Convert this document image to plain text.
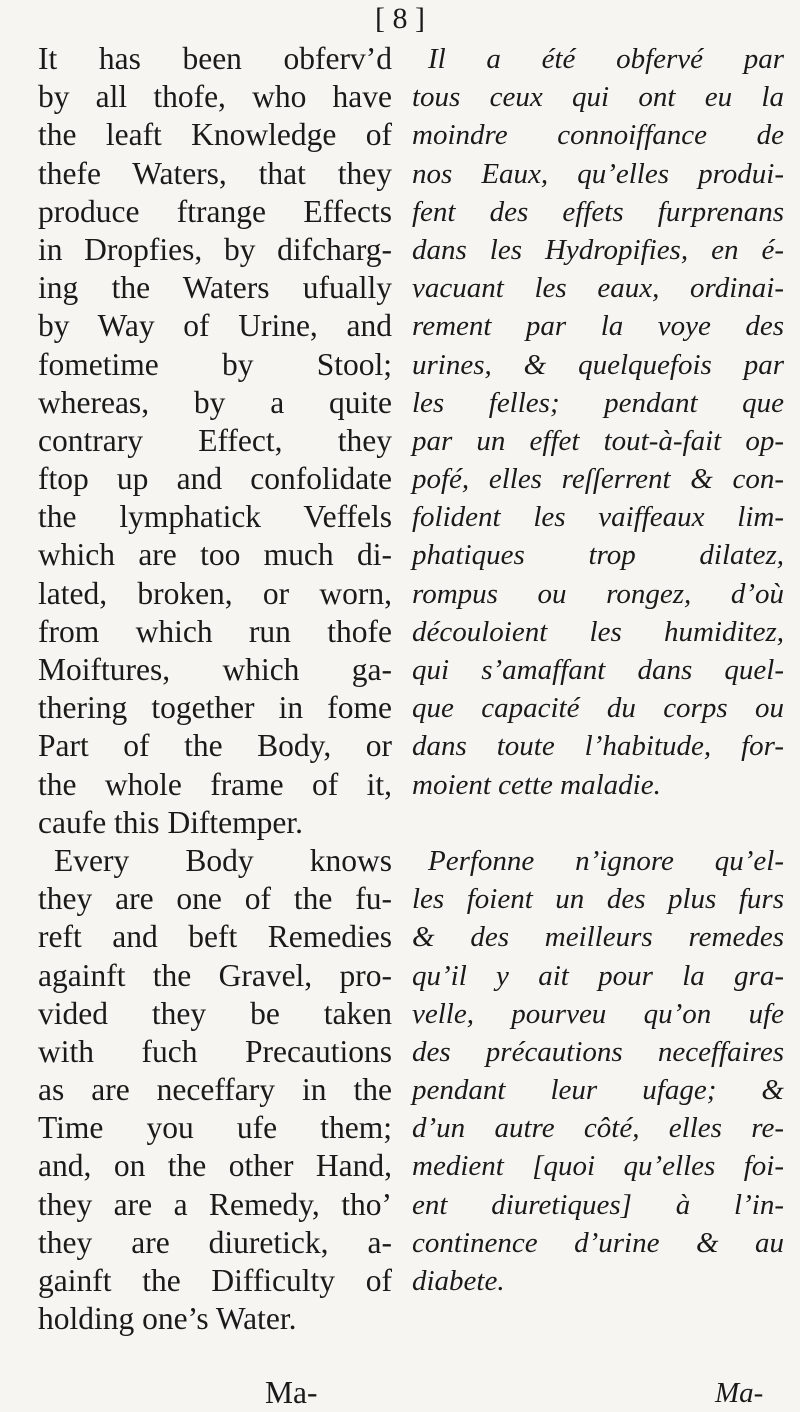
[ 8 ]
It has been obferv’d
by all thofe, who have
the leaft Knowledge of
thefe Waters, that they
produce ftrange Effects
in Dropfies, by difcharg-
ing the Waters ufually
by Way of Urine, and
fometime by Stool;
whereas, by a quite
contrary Effect, they
ftop up and confolidate
the lymphatick Veffels
which are too much di-
lated, broken, or worn,
from which run thofe
Moiftures, which ga-
thering together in fome
Part of the Body, or
the whole frame of it,
caufe this Diftemper.
Every Body knows
they are one of the fu-
reft and beft Remedies
againft the Gravel, pro-
vided they be taken
with fuch Precautions
as are neceffary in the
Time you ufe them;
and, on the other Hand,
they are a Remedy, tho’
they are diuretick, a-
gainft the Difficulty of
holding one’s Water.
Il a été obfervé par
tous ceux qui ont eu la
moindre connoiffance de
nos Eaux, qu’elles produi-
fent des effets furprenans
dans les Hydropifies, en é-
vacuant les eaux, ordinai-
rement par la voye des
urines, & quelquefois par
les felles; pendant que
par un effet tout-à-fait op-
pofé, elles reſſerrent & con-
folident les vaiffeaux lim-
phatiques trop dilatez,
rompus ou rongez, d’où
découloient les humiditez,
qui s’amaffant dans quel-
que capacité du corps ou
dans toute l’habitude, for-
moient cette maladie.
Perfonne n’ignore qu’el-
les foient un des plus furs
& des meilleurs remedes
qu’il y ait pour la gra-
velle, pourveu qu’on ufe
des précautions neceffaires
pendant leur ufage; &
d’un autre côté, elles re-
medient [quoi qu’elles foi-
ent diuretiques] à l’in-
continence d’urine & au
diabete.
Ma-	Ma-
